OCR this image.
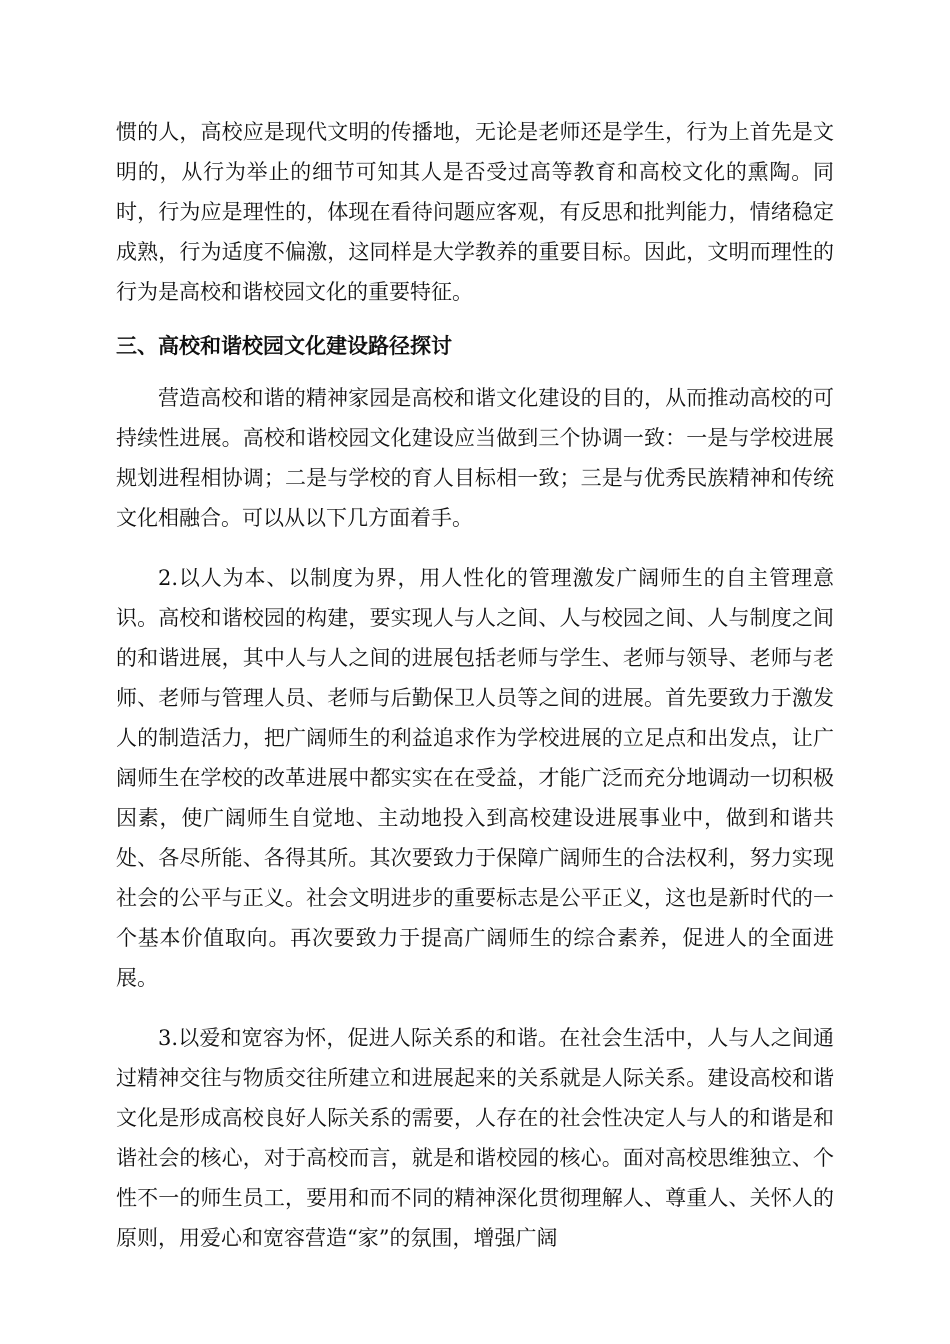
惯的人，高校应是现代文明的传播地，无论是老师还是学生，行为上首先是文明的，从行为举止的细节可知其人是否受过高等教育和高校文化的熏陶。同时，行为应是理性的，体现在看待问题应客观，有反思和批判能力，情绪稳定成熟，行为适度不偏激，这同样是大学教养的重要目标。因此，文明而理性的行为是高校和谐校园文化的重要特征。

三、高校和谐校园文化建设路径探讨

营造高校和谐的精神家园是高校和谐文化建设的目的，从而推动高校的可持续性进展。高校和谐校园文化建设应当做到三个协调一致：一是与学校进展规划进程相协调；二是与学校的育人目标相一致；三是与优秀民族精神和传统文化相融合。可以从以下几方面着手。

2.以人为本、以制度为界，用人性化的管理激发广阔师生的自主管理意识。高校和谐校园的构建，要实现人与人之间、人与校园之间、人与制度之间的和谐进展，其中人与人之间的进展包括老师与学生、老师与领导、老师与老师、老师与管理人员、老师与后勤保卫人员等之间的进展。首先要致力于激发人的制造活力，把广阔师生的利益追求作为学校进展的立足点和出发点，让广阔师生在学校的改革进展中都实实在在受益，才能广泛而充分地调动一切积极因素，使广阔师生自觉地、主动地投入到高校建设进展事业中，做到和谐共处、各尽所能、各得其所。其次要致力于保障广阔师生的合法权利，努力实现社会的公平与正义。社会文明进步的重要标志是公平正义，这也是新时代的一个基本价值取向。再次要致力于提高广阔师生的综合素养，促进人的全面进展。

3.以爱和宽容为怀，促进人际关系的和谐。在社会生活中，人与人之间通过精神交往与物质交往所建立和进展起来的关系就是人际关系。建设高校和谐文化是形成高校良好人际关系的需要，人存在的社会性决定人与人的和谐是和谐社会的核心，对于高校而言，就是和谐校园的核心。面对高校思维独立、个性不一的师生员工，要用和而不同的精神深化贯彻理解人、尊重人、关怀人的原则，用爱心和宽容营造“家”的氛围，增强广阔
